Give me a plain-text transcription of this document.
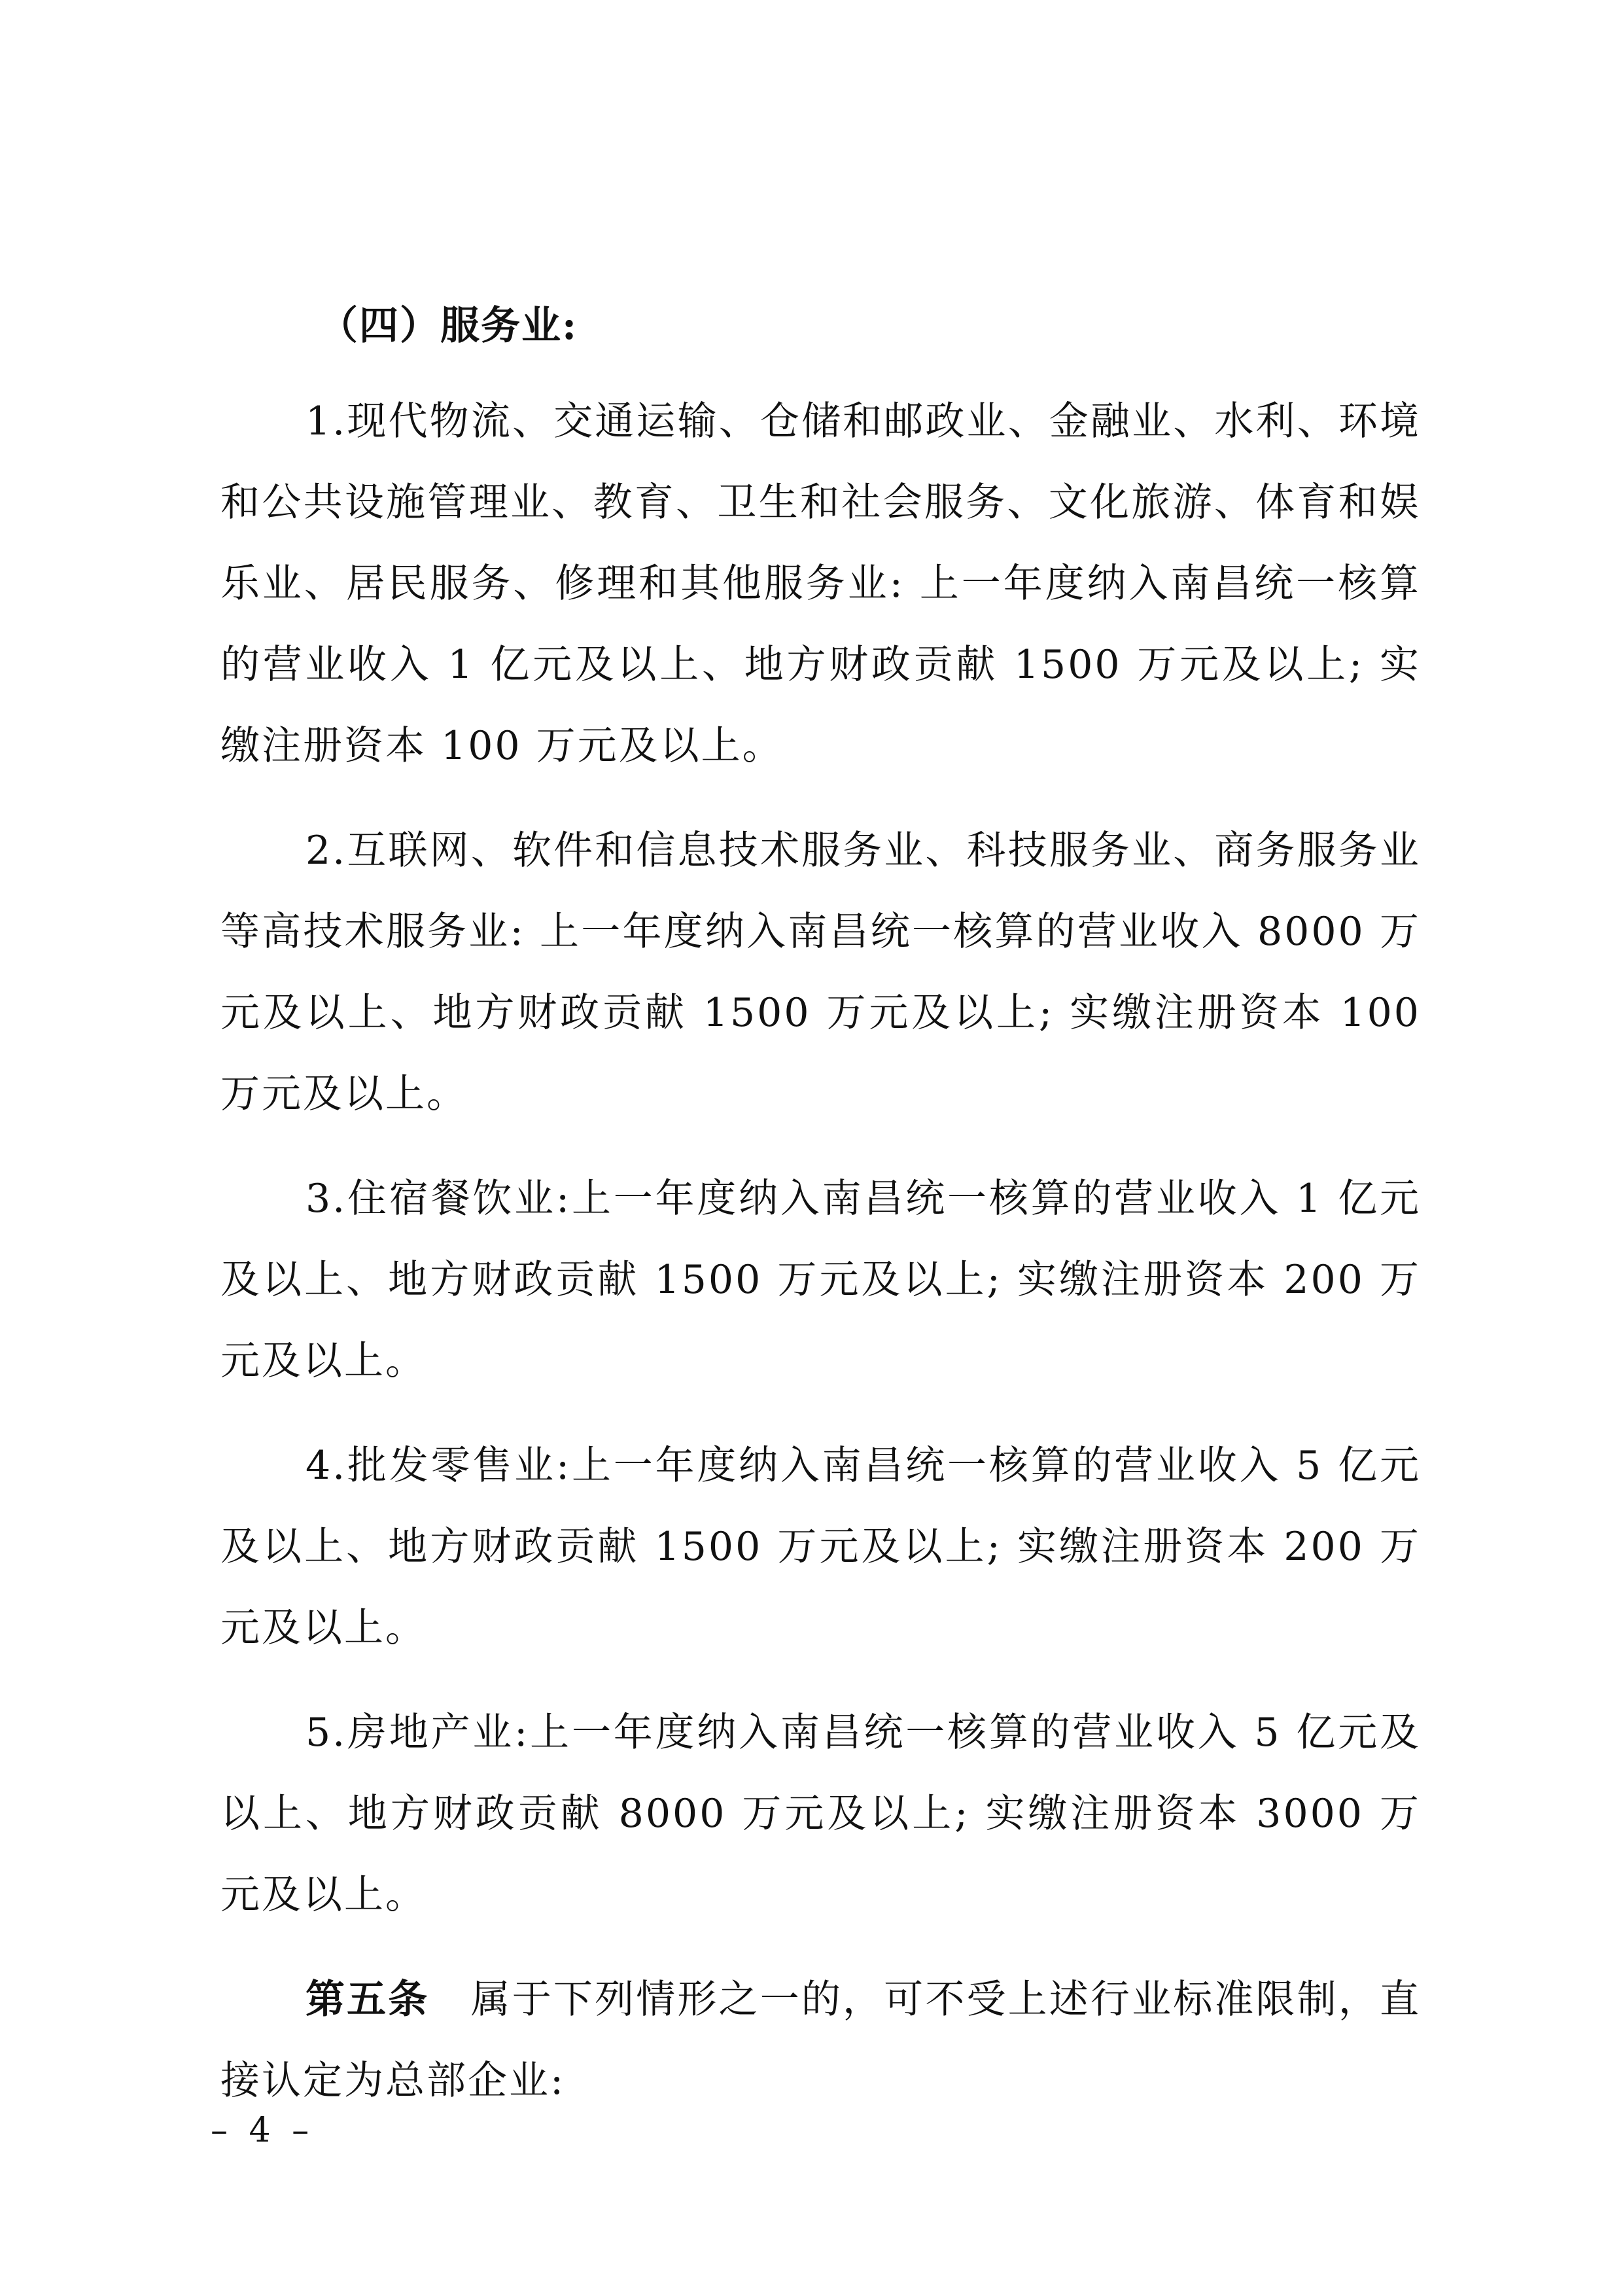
（四）服务业:

1.现代物流、交通运输、仓储和邮政业、金融业、水利、环境和公共设施管理业、教育、卫生和社会服务、文化旅游、体育和娱乐业、居民服务、修理和其他服务业: 上一年度纳入南昌统一核算的营业收入 1 亿元及以上、地方财政贡献 1500 万元及以上; 实缴注册资本 100 万元及以上。

2.互联网、软件和信息技术服务业、科技服务业、商务服务业等高技术服务业: 上一年度纳入南昌统一核算的营业收入 8000 万元及以上、地方财政贡献 1500 万元及以上; 实缴注册资本 100 万元及以上。

3.住宿餐饮业:上一年度纳入南昌统一核算的营业收入 1 亿元及以上、地方财政贡献 1500 万元及以上; 实缴注册资本 200 万元及以上。

4.批发零售业:上一年度纳入南昌统一核算的营业收入 5 亿元及以上、地方财政贡献 1500 万元及以上; 实缴注册资本 200 万元及以上。

5.房地产业:上一年度纳入南昌统一核算的营业收入 5 亿元及以上、地方财政贡献 8000 万元及以上; 实缴注册资本 3000 万元及以上。

第五条　 属于下列情形之一的，可不受上述行业标准限制，直接认定为总部企业:

– 4 –
